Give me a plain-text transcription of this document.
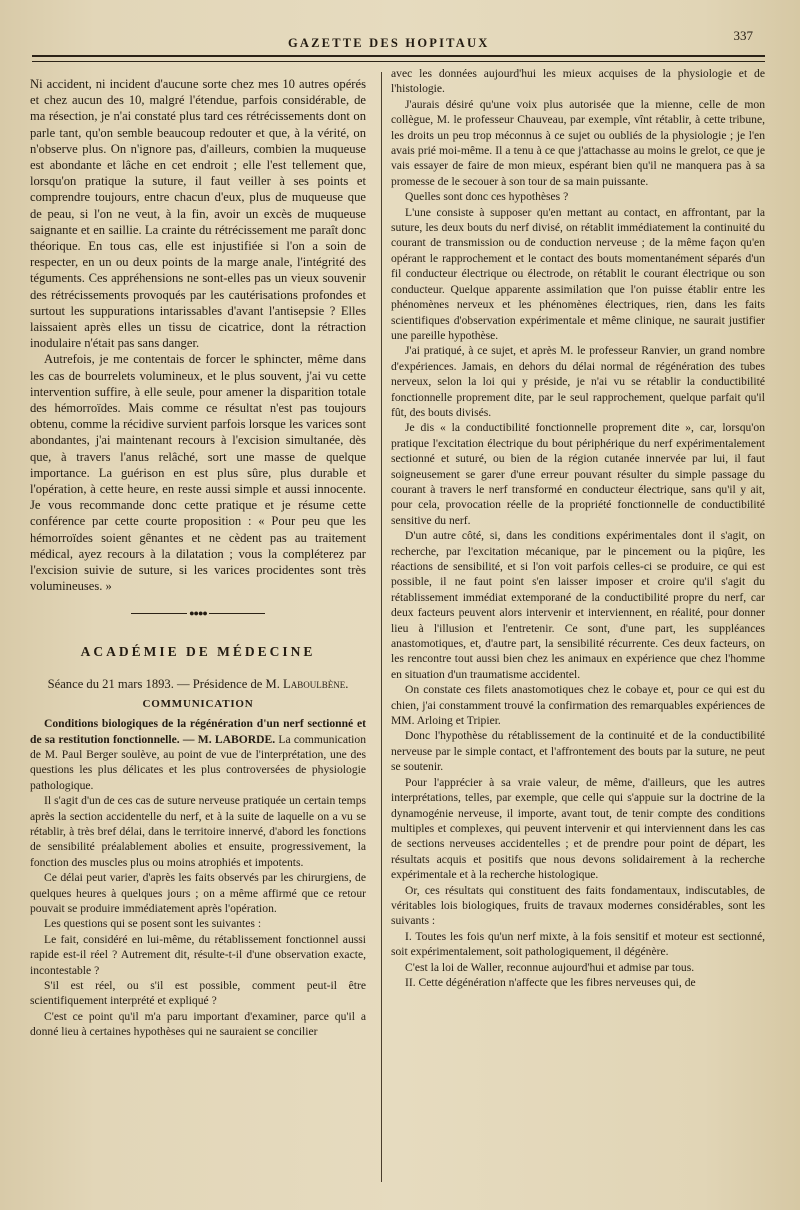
GAZETTE DES HOPITAUX	337

Ni accident, ni incident d'aucune sorte chez mes 10 autres opérés et chez aucun des 10, malgré l'étendue, parfois considérable, de ma résection, je n'ai constaté plus tard ces rétrécissements dont on parle tant, qu'on semble beaucoup redouter et que, à la vérité, on n'observe plus. On n'ignore pas, d'ailleurs, combien la muqueuse est abondante et lâche en cet endroit ; elle l'est tellement que, lorsqu'on pratique la suture, il faut veiller à ses points et comprendre toujours, entre chacun d'eux, plus de muqueuse que de peau, si l'on ne veut, à la fin, avoir un excès de muqueuse saignante et en saillie. La crainte du rétrécissement me paraît donc théorique. En tous cas, elle est injustifiée si l'on a soin de respecter, en un ou deux points de la marge anale, l'intégrité des téguments. Ces appréhensions ne sont-elles pas un vieux souvenir des rétrécissements provoqués par les cautérisations profondes et surtout les suppurations intarissables d'avant l'antisepsie ? Elles laissaient après elles un tissu de cicatrice, dont la rétraction inodulaire n'était pas sans danger.

Autrefois, je me contentais de forcer le sphincter, même dans les cas de bourrelets volumineux, et le plus souvent, j'ai vu cette intervention suffire, à elle seule, pour amener la disparition totale des hémorroïdes. Mais comme ce résultat n'est pas toujours obtenu, comme la récidive survient parfois lorsque les varices sont abondantes, j'ai maintenant recours à l'excision simultanée, dès que, à travers l'anus relâché, sort une masse de quelque importance. La guérison en est plus sûre, plus durable et l'opération, à cette heure, en reste aussi simple et aussi innocente. Je vous recommande donc cette pratique et je résume cette conférence par cette courte proposition : « Pour peu que les hémorroïdes soient gênantes et ne cèdent pas au traitement médical, ayez recours à la dilatation ; vous la compléterez par l'excision suivie de suture, si les varices procidentes sont très volumineuses. »

●●●●
ACADÉMIE DE MÉDECINE
Séance du 21 mars 1893. — Présidence de M. Laboulbène.
COMMUNICATION

Conditions biologiques de la régénération d'un nerf sectionné et de sa restitution fonctionnelle. — M. LABORDE. La communication de M. Paul Berger soulève, au point de vue de l'interprétation, une des questions les plus délicates et les plus controversées de physiologie pathologique.

Il s'agit d'un de ces cas de suture nerveuse pratiquée un certain temps après la section accidentelle du nerf, et à la suite de laquelle on a vu se rétablir, à très bref délai, dans le territoire innervé, d'abord les fonctions de sensibilité préalablement abolies et ensuite, progressivement, la fonction des muscles plus ou moins atrophiés et impotents.

Ce délai peut varier, d'après les faits observés par les chirurgiens, de quelques heures à quelques jours ; on a même affirmé que ce retour pouvait se produire immédiatement après l'opération.

Les questions qui se posent sont les suivantes :

Le fait, considéré en lui-même, du rétablissement fonctionnel aussi rapide est-il réel ? Autrement dit, résulte-t-il d'une observation exacte, incontestable ?

S'il est réel, ou s'il est possible, comment peut-il être scientifiquement interprété et expliqué ?

C'est ce point qu'il m'a paru important d'examiner, parce qu'il a donné lieu à certaines hypothèses qui ne sauraient se concilier

avec les données aujourd'hui les mieux acquises de la physiologie et de l'histologie.

J'aurais désiré qu'une voix plus autorisée que la mienne, celle de mon collègue, M. le professeur Chauveau, par exemple, vînt rétablir, à cette tribune, les droits un peu trop méconnus à ce sujet ou oubliés de la physiologie ; je l'en avais prié moi-même. Il a tenu à ce que j'attachasse au moins le grelot, ce que je vais essayer de faire de mon mieux, espérant bien qu'il ne manquera pas à sa promesse de le secouer à son tour de sa main puissante.

Quelles sont donc ces hypothèses ?

L'une consiste à supposer qu'en mettant au contact, en affrontant, par la suture, les deux bouts du nerf divisé, on rétablit immédiatement la continuité du courant de transmission ou de conduction nerveuse ; de la même façon qu'en opérant le rapprochement et le contact des bouts momentanément séparés d'un fil conducteur électrique ou électrode, on rétablit le courant électrique ou son conducteur. Quelque apparente assimilation que l'on puisse établir entre les phénomènes nerveux et les phénomènes électriques, rien, dans les faits scientifiques d'observation expérimentale et même clinique, ne saurait justifier une pareille hypothèse.

J'ai pratiqué, à ce sujet, et après M. le professeur Ranvier, un grand nombre d'expériences. Jamais, en dehors du délai normal de régénération des tubes nerveux, selon la loi qui y préside, je n'ai vu se rétablir la conductibilité fonctionnelle proprement dite, par le seul rapprochement, quelque parfait qu'il fût, des bouts divisés.

Je dis « la conductibilité fonctionnelle proprement dite », car, lorsqu'on pratique l'excitation électrique du bout périphérique du nerf expérimentalement sectionné et suturé, ou bien de la région cutanée innervée par lui, il faut soigneusement se garer d'une erreur pouvant résulter du simple passage du courant à travers le nerf transformé en conducteur électrique, sans qu'il y ait, pour cela, provocation réelle de la propriété fonctionnelle de conductibilité sensitive du nerf.

D'un autre côté, si, dans les conditions expérimentales dont il s'agit, on recherche, par l'excitation mécanique, par le pincement ou la piqûre, les réactions de sensibilité, et si l'on voit parfois celles-ci se produire, ce qui est possible, il ne faut point s'en laisser imposer et croire qu'il s'agit du rétablissement immédiat extemporané de la conductibilité propre du nerf, car deux facteurs peuvent alors intervenir et interviennent, en réalité, pour donner lieu à l'illusion et l'entretenir. Ce sont, d'une part, les suppléances anastomotiques, et, d'autre part, la sensibilité récurrente. Ces deux facteurs, on les rencontre tout aussi bien chez les animaux en expérience que chez l'homme en situation d'un traumatisme accidentel.

On constate ces filets anastomotiques chez le cobaye et, pour ce qui est du chien, j'ai constamment trouvé la confirmation des remarquables expériences de MM. Arloing et Tripier.

Donc l'hypothèse du rétablissement de la continuité et de la conductibilité nerveuse par le simple contact, et l'affrontement des bouts par la suture, ne peut se soutenir.

Pour l'apprécier à sa vraie valeur, de même, d'ailleurs, que les autres interprétations, telles, par exemple, que celle qui s'appuie sur la doctrine de la dynamogénie nerveuse, il importe, avant tout, de tenir compte des conditions multiples et complexes, qui peuvent intervenir et qui interviennent dans les cas de sections nerveuses accidentelles ; et de prendre pour point de départ, les résultats acquis et positifs que nous devons solidairement à la recherche expérimentale et à la recherche histologique.

Or, ces résultats qui constituent des faits fondamentaux, indiscutables, de véritables lois biologiques, fruits de travaux modernes considérables, sont les suivants :

I. Toutes les fois qu'un nerf mixte, à la fois sensitif et moteur est sectionné, soit expérimentalement, soit pathologiquement, il dégénère.

C'est la loi de Waller, reconnue aujourd'hui et admise par tous.

II. Cette dégénération n'affecte que les fibres nerveuses qui, de
